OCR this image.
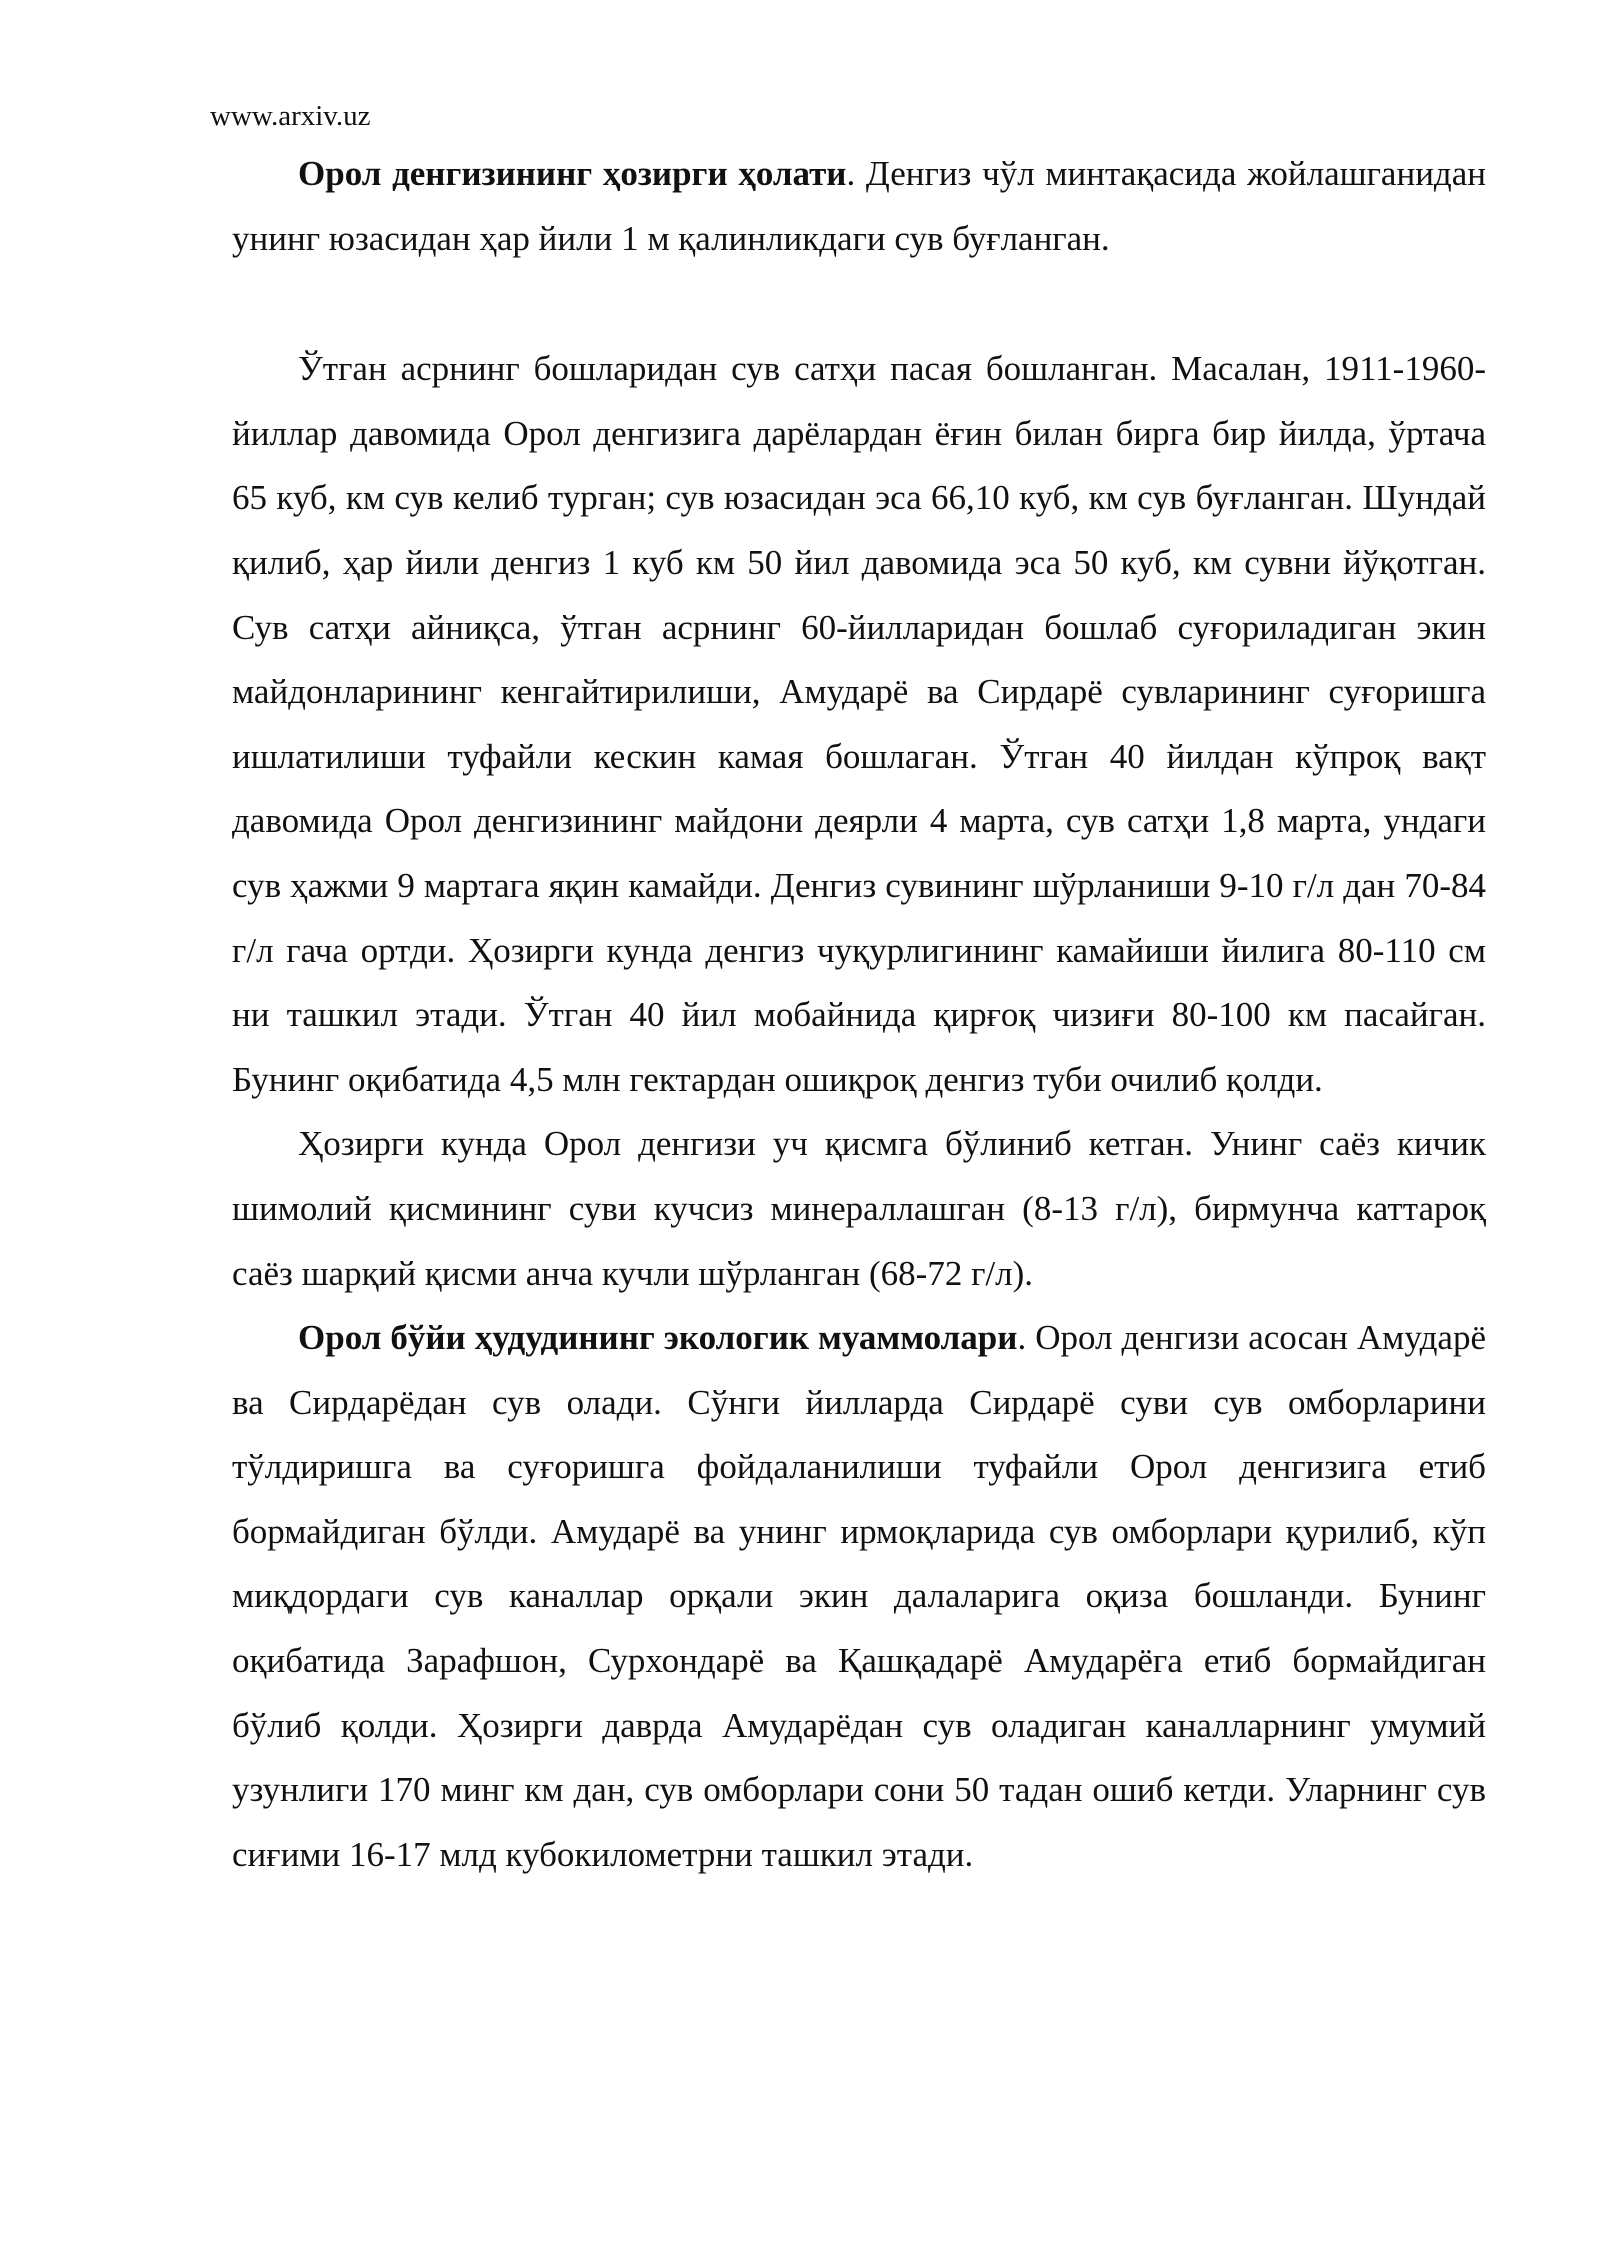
www.arxiv.uz

Орол денгизининг ҳозирги ҳолати. Денгиз чўл минтақасида жойлашганидан унинг юзасидан ҳар йили 1 м қалинликдаги сув буғланган.

Ўтган асрнинг бошларидан сув сатҳи пасая бошланган. Масалан, 1911-1960-йиллар давомида Орол денгизига дарёлардан ёғин билан бирга бир йилда, ўртача 65 куб, км сув келиб турган; сув юзасидан эса 66,10 куб, км сув буғланган. Шундай қилиб, ҳар йили денгиз 1 куб км 50 йил давомида эса 50 куб, км сувни йўқотган. Сув сатҳи айниқса, ўтган асрнинг 60-йилларидан бошлаб суғориладиган экин майдонларининг кенгайтирилиши, Амударё ва Сирдарё сувларининг суғоришга ишлатилиши туфайли кескин камая бошлаган. Ўтган 40 йилдан кўпроқ вақт давомида Орол денгизининг майдони деярли 4 марта, сув сатҳи 1,8 марта, ундаги сув ҳажми 9 мартага яқин камайди. Денгиз сувининг шўрланиши 9-10 г/л дан 70-84 г/л гача ортди. Ҳозирги кунда денгиз чуқурлигининг камайиши йилига 80-110 см ни ташкил этади. Ўтган 40 йил мобайнида қирғоқ чизиғи 80-100 км пасайган. Бунинг оқибатида 4,5 млн гектардан ошиқроқ денгиз туби очилиб қолди.

Ҳозирги кунда Орол денгизи уч қисмга бўлиниб кетган. Унинг саёз кичик шимолий қисмининг суви кучсиз минераллашган (8-13 г/л), бирмунча каттароқ саёз шарқий қисми анча кучли шўрланган (68-72 г/л).

Орол бўйи ҳудудининг экологик муаммолари. Орол денгизи асосан Амударё ва Сирдарёдан сув олади. Сўнги йилларда Сирдарё суви сув омборларини тўлдиришга ва суғоришга фойдаланилиши туфайли Орол денгизига етиб бормайдиган бўлди. Амударё ва унинг ирмоқларида сув омборлари қурилиб, кўп миқдордаги сув каналлар орқали экин далаларига оқиза бошланди. Бунинг оқибатида Зарафшон, Сурхондарё ва Қашқадарё Амударёга етиб бормайдиган бўлиб қолди. Ҳозирги даврда Амударёдан сув оладиган каналларнинг умумий узунлиги 170 минг км дан, сув омборлари сони 50 тадан ошиб кетди. Уларнинг сув сиғими 16-17 млд кубокилометрни ташкил этади.
